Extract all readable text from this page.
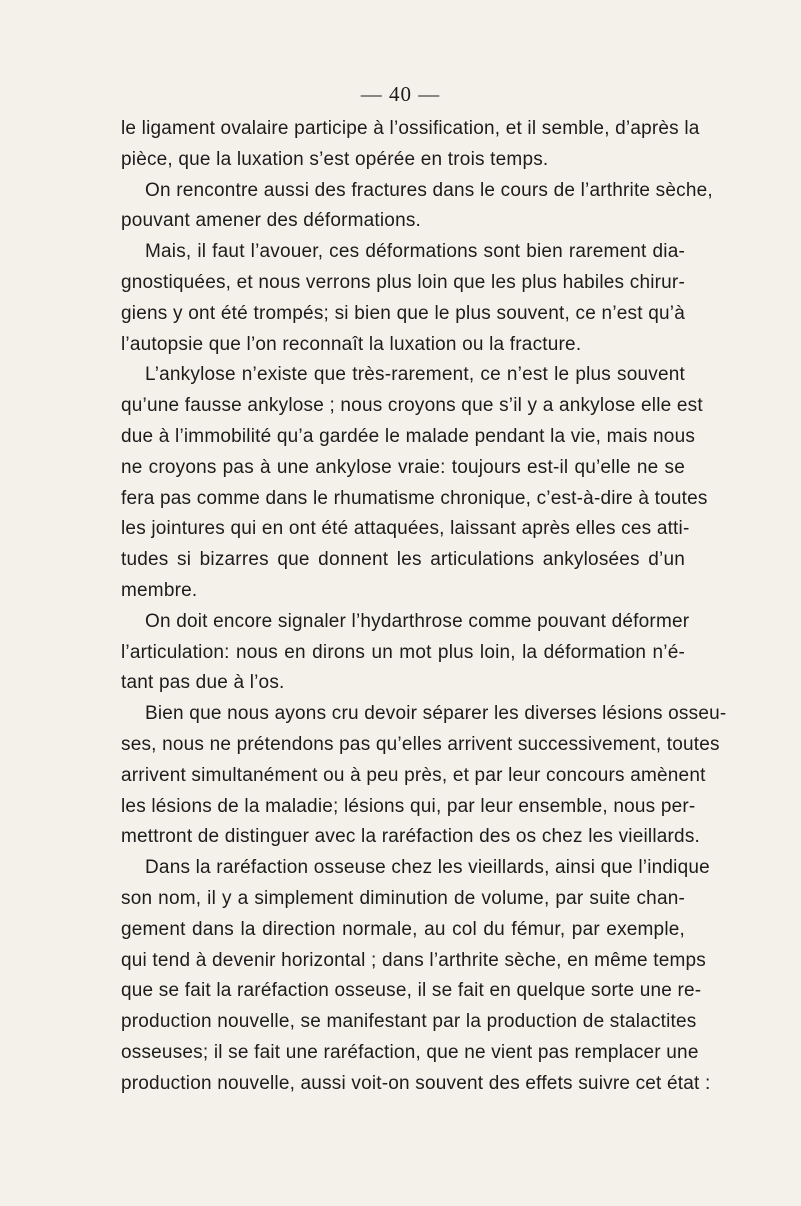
— 40 —
le ligament ovalaire participe à l’ossification, et il semble, d’après la
pièce, que la luxation s’est opérée en trois temps.
On rencontre aussi des fractures dans le cours de l’arthrite sèche,
pouvant amener des déformations.
Mais, il faut l’avouer, ces déformations sont bien rarement dia-
gnostiquées, et nous verrons plus loin que les plus habiles chirur-
giens y ont été trompés; si bien que le plus souvent, ce n’est qu’à
l’autopsie que l’on reconnaît la luxation ou la fracture.
L’ankylose n’existe que très-rarement, ce n’est le plus souvent
qu’une fausse ankylose ; nous croyons que s’il y a ankylose elle est
due à l’immobilité qu’a gardée le malade pendant la vie, mais nous
ne croyons pas à une ankylose vraie: toujours est-il qu’elle ne se
fera pas comme dans le rhumatisme chronique, c’est-à-dire à toutes
les jointures qui en ont été attaquées, laissant après elles ces atti-
tudes si bizarres que donnent les articulations ankylosées d’un
membre.
On doit encore signaler l’hydarthrose comme pouvant déformer
l’articulation: nous en dirons un mot plus loin, la déformation n’é-
tant pas due à l’os.
Bien que nous ayons cru devoir séparer les diverses lésions osseu-
ses, nous ne prétendons pas qu’elles arrivent successivement, toutes
arrivent simultanément ou à peu près, et par leur concours amènent
les lésions de la maladie; lésions qui, par leur ensemble, nous per-
mettront de distinguer avec la raréfaction des os chez les vieillards.
Dans la raréfaction osseuse chez les vieillards, ainsi que l’indique
son nom, il y a simplement diminution de volume, par suite chan-
gement dans la direction normale, au col du fémur, par exemple,
qui tend à devenir horizontal ; dans l’arthrite sèche, en même temps
que se fait la raréfaction osseuse, il se fait en quelque sorte une re-
production nouvelle, se manifestant par la production de stalactites
osseuses; il se fait une raréfaction, que ne vient pas remplacer une
production nouvelle, aussi voit-on souvent des effets suivre cet état :
